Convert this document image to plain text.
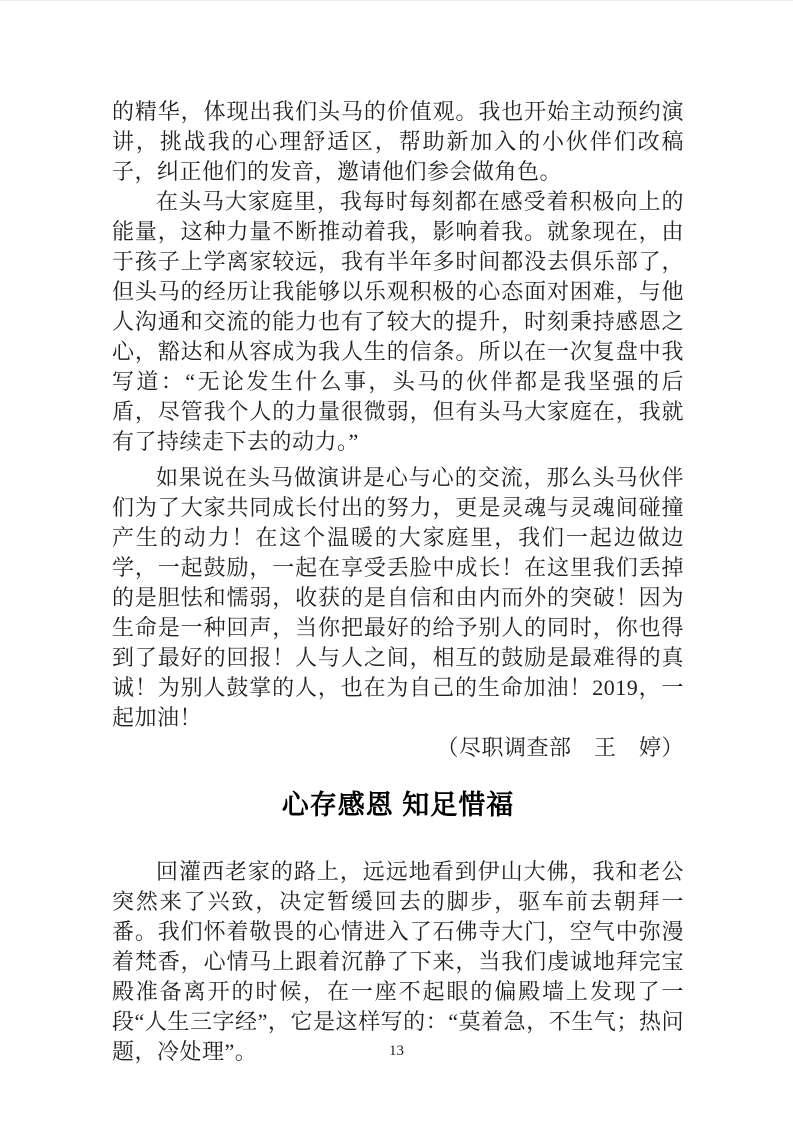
的精华，体现出我们头马的价值观。我也开始主动预约演讲，挑战我的心理舒适区，帮助新加入的小伙伴们改稿子，纠正他们的发音，邀请他们参会做角色。

在头马大家庭里，我每时每刻都在感受着积极向上的能量，这种力量不断推动着我，影响着我。就象现在，由于孩子上学离家较远，我有半年多时间都没去俱乐部了，但头马的经历让我能够以乐观积极的心态面对困难，与他人沟通和交流的能力也有了较大的提升，时刻秉持感恩之心，豁达和从容成为我人生的信条。所以在一次复盘中我写道：“无论发生什么事，头马的伙伴都是我坚强的后盾，尽管我个人的力量很微弱，但有头马大家庭在，我就有了持续走下去的动力。”

如果说在头马做演讲是心与心的交流，那么头马伙伴们为了大家共同成长付出的努力，更是灵魂与灵魂间碰撞产生的动力！在这个温暖的大家庭里，我们一起边做边学，一起鼓励，一起在享受丢脸中成长！在这里我们丢掉的是胆怯和懦弱，收获的是自信和由内而外的突破！因为生命是一种回声，当你把最好的给予别人的同时，你也得到了最好的回报！人与人之间，相互的鼓励是最难得的真诚！为别人鼓掌的人，也在为自己的生命加油！2019，一起加油！

（尽职调查部　王　婷）

心存感恩 知足惜福

回灌西老家的路上，远远地看到伊山大佛，我和老公突然来了兴致，决定暂缓回去的脚步，驱车前去朝拜一番。我们怀着敬畏的心情进入了石佛寺大门，空气中弥漫着梵香，心情马上跟着沉静了下来，当我们虔诚地拜完宝殿准备离开的时候，在一座不起眼的偏殿墙上发现了一段“人生三字经”，它是这样写的：“莫着急，不生气；热问题，冷处理”。	13
